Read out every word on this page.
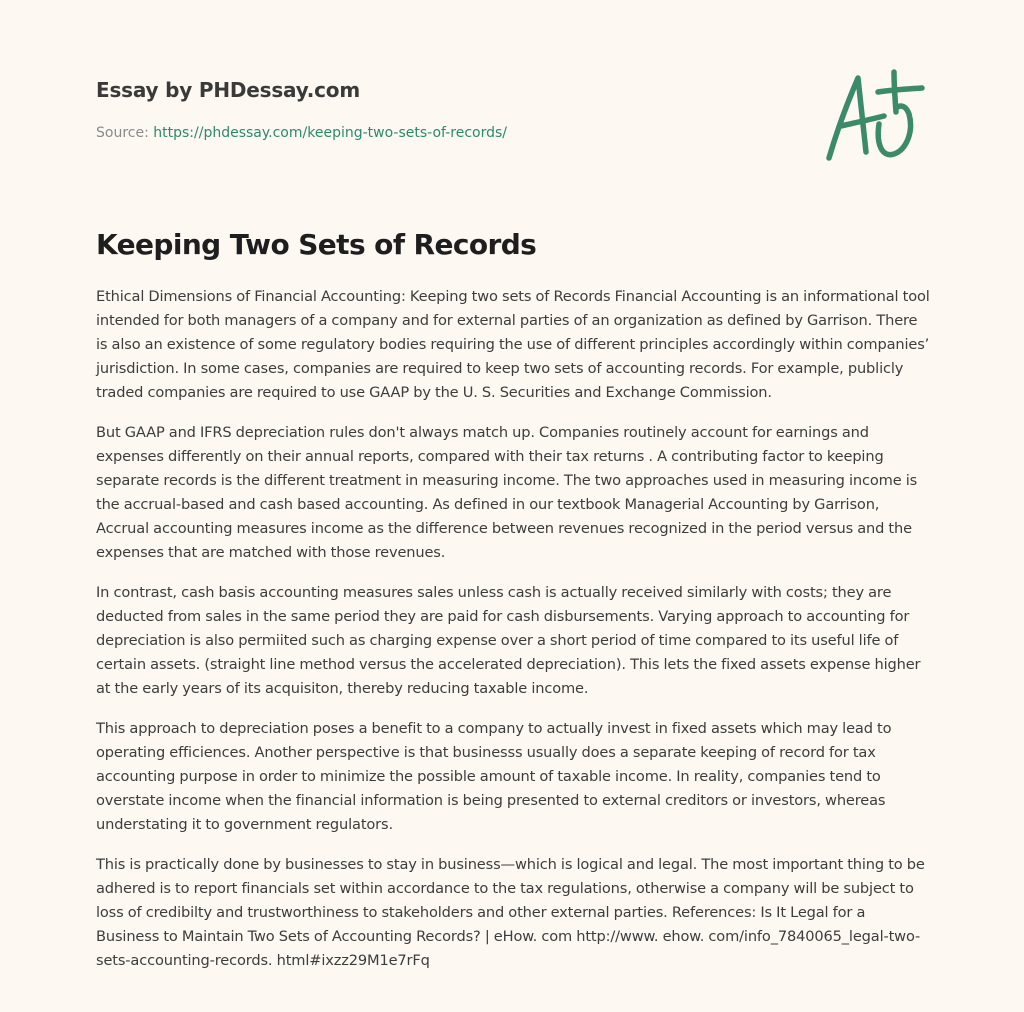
Essay by PHDessay.com
Source: https://phdessay.com/keeping-two-sets-of-records/
Keeping Two Sets of Records

Ethical Dimensions of Financial Accounting: Keeping two sets of Records Financial Accounting is an informational tool intended for both managers of a company and for external parties of an organization as defined by Garrison. There is also an existence of some regulatory bodies requiring the use of different principles accordingly within companies’ jurisdiction. In some cases, companies are required to keep two sets of accounting records. For example, publicly traded companies are required to use GAAP by the U. S. Securities and Exchange Commission.

But GAAP and IFRS depreciation rules don't always match up. Companies routinely account for earnings and expenses differently on their annual reports, compared with their tax returns . A contributing factor to keeping separate records is the different treatment in measuring income. The two approaches used in measuring income is the accrual-based and cash based accounting. As defined in our textbook Managerial Accounting by Garrison, Accrual accounting measures income as the difference between revenues recognized in the period versus and the expenses that are matched with those revenues.

In contrast, cash basis accounting measures sales unless cash is actually received similarly with costs; they are deducted from sales in the same period they are paid for cash disbursements. Varying approach to accounting for depreciation is also permiited such as charging expense over a short period of time compared to its useful life of certain assets. (straight line method versus the accelerated depreciation). This lets the fixed assets expense higher at the early years of its acquisiton, thereby reducing taxable income.

This approach to depreciation poses a benefit to a company to actually invest in fixed assets which may lead to operating efficiences. Another perspective is that businesss usually does a separate keeping of record for tax accounting purpose in order to minimize the possible amount of taxable income. In reality, companies tend to overstate income when the financial information is being presented to external creditors or investors, whereas understating it to government regulators.

This is practically done by businesses to stay in business—which is logical and legal. The most important thing to be adhered is to report financials set within accordance to the tax regulations, otherwise a company will be subject to loss of credibilty and trustworthiness to stakeholders and other external parties. References: Is It Legal for a Business to Maintain Two Sets of Accounting Records? | eHow. com http://www. ehow. com/info_7840065_legal-two-sets-accounting-records. html#ixzz29M1e7rFq
